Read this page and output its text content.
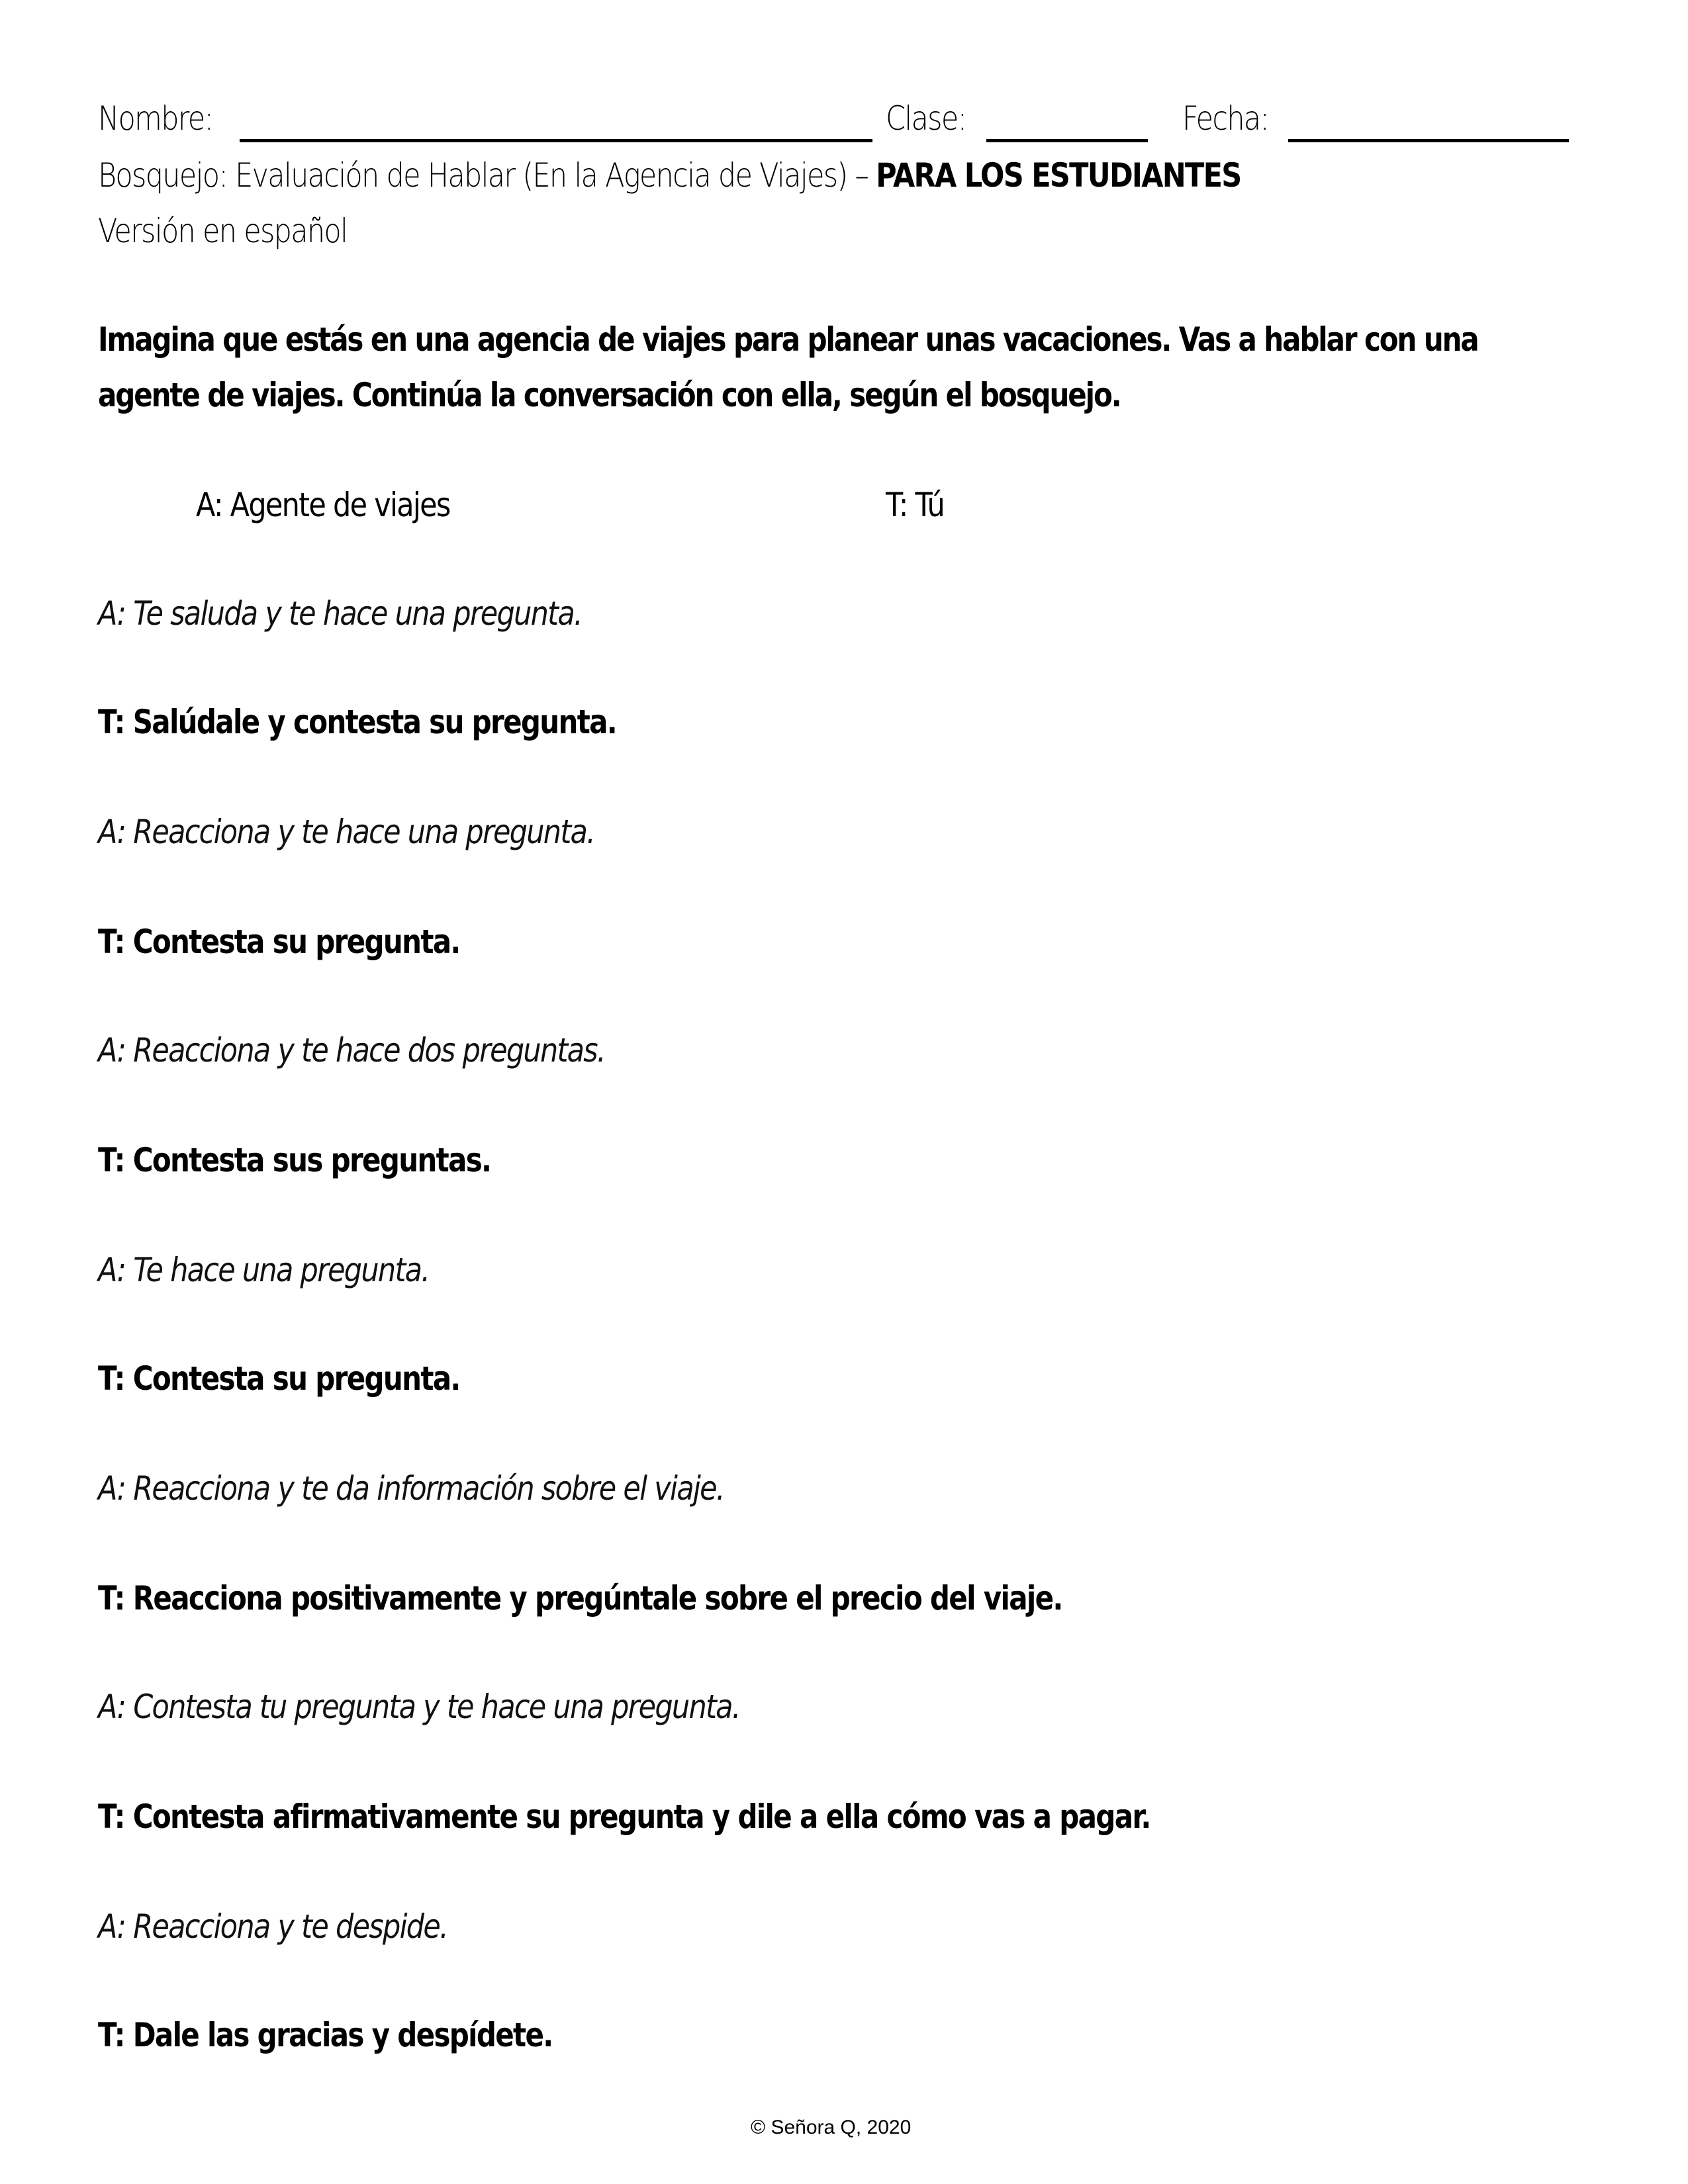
Nombre:	Clase:	Fecha:
Bosquejo: Evaluación de Hablar (En la Agencia de Viajes) – PARA LOS ESTUDIANTES
Versión en español
Imagina que estás en una agencia de viajes para planear unas vacaciones. Vas a hablar con una
agente de viajes. Continúa la conversación con ella, según el bosquejo.
A: Agente de viajes	T: Tú
A: Te saluda y te hace una pregunta.
T: Salúdale y contesta su pregunta.
A: Reacciona y te hace una pregunta.
T: Contesta su pregunta.
A: Reacciona y te hace dos preguntas.
T: Contesta sus preguntas.
A: Te hace una pregunta.
T: Contesta su pregunta.
A: Reacciona y te da información sobre el viaje.
T: Reacciona positivamente y pregúntale sobre el precio del viaje.
A: Contesta tu pregunta y te hace una pregunta.
T: Contesta afirmativamente su pregunta y dile a ella cómo vas a pagar.
A: Reacciona y te despide.
T: Dale las gracias y despídete.
© Señora Q, 2020
